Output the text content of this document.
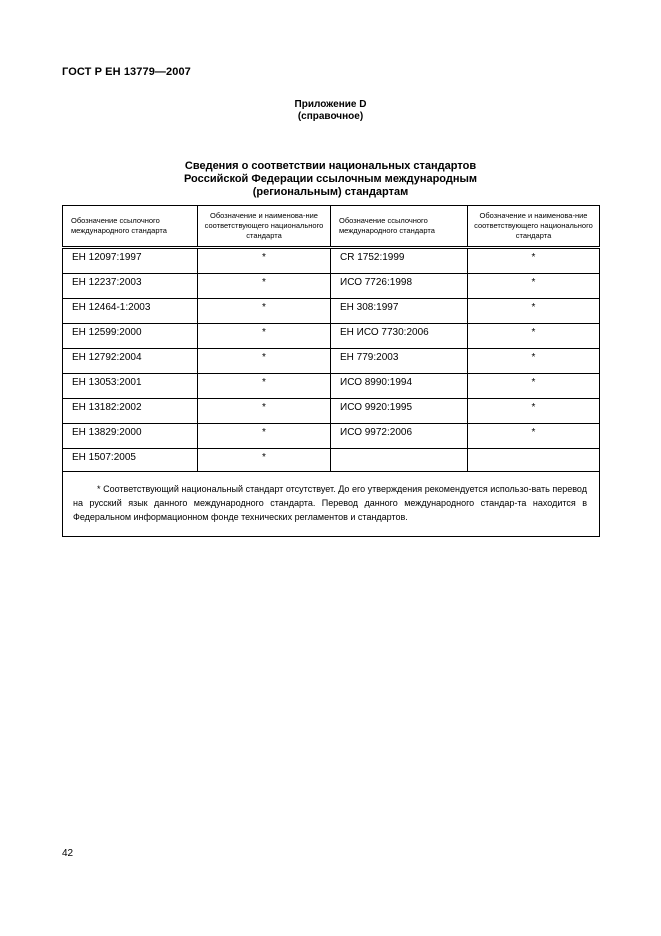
ГОСТ Р ЕН 13779—2007
Приложение D
(справочное)
Сведения о соответствии национальных стандартов
Российской Федерации ссылочным международным
(региональным) стандартам
Обозначение ссылочного международного стандарта	Обозначение и наименова-ние соответствующего национального стандарта	Обозначение ссылочного международного стандарта	Обозначение и наименова-ние соответствующего национального стандарта
ЕН 12097:1997	*	CR 1752:1999	*
ЕН 12237:2003	*	ИСО 7726:1998	*
ЕН 12464-1:2003	*	ЕН 308:1997	*
ЕН 12599:2000	*	ЕН ИСО 7730:2006	*
ЕН 12792:2004	*	ЕН 779:2003	*
ЕН 13053:2001	*	ИСО 8990:1994	*
ЕН 13182:2002	*	ИСО 9920:1995	*
ЕН 13829:2000	*	ИСО 9972:2006	*
ЕН 1507:2005	*		
* Соответствующий национальный стандарт отсутствует. До его утверждения рекомендуется использо-вать перевод на русский язык данного международного стандарта. Перевод данного международного стандар-та находится в Федеральном информационном фонде технических регламентов и стандартов.			
42
